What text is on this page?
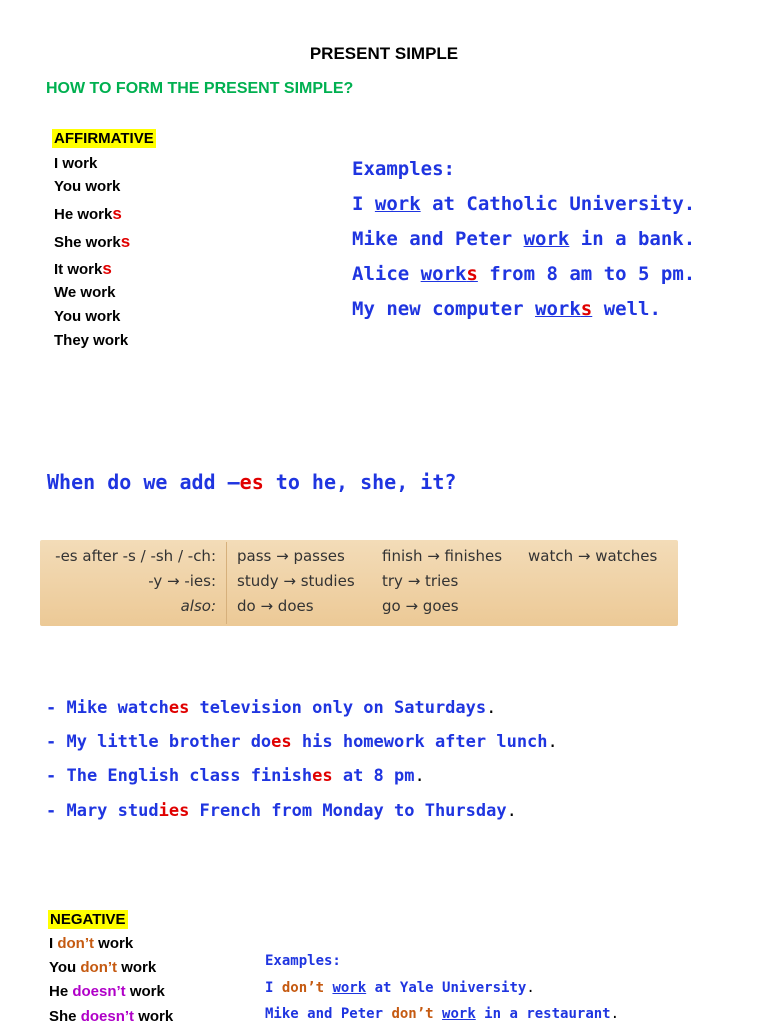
PRESENT SIMPLE
HOW TO FORM THE PRESENT SIMPLE?
AFFIRMATIVE
I work
You work
He works
She works
It works
We work
You work
They work
Examples:
I work at Catholic University.
Mike and Peter work in a bank.
Alice works from 8 am to 5 pm.
My new computer works well.
When do we add –es to he, she, it?
-es after -s / -sh / -ch: pass → passes finish → finishes watch → watches
-y → -ies: study → studies try → tries
also: do → does	go → goes
- Mike watches television only on Saturdays.
- My little brother does his homework after lunch.
- The English class finishes at 8 pm.
- Mary studies French from Monday to Thursday.
NEGATIVE
I don’t work
You don’t work
He doesn’t work
She doesn’t work
Examples:
I don’t work at Yale University.
Mike and Peter don’t work in a restaurant.
